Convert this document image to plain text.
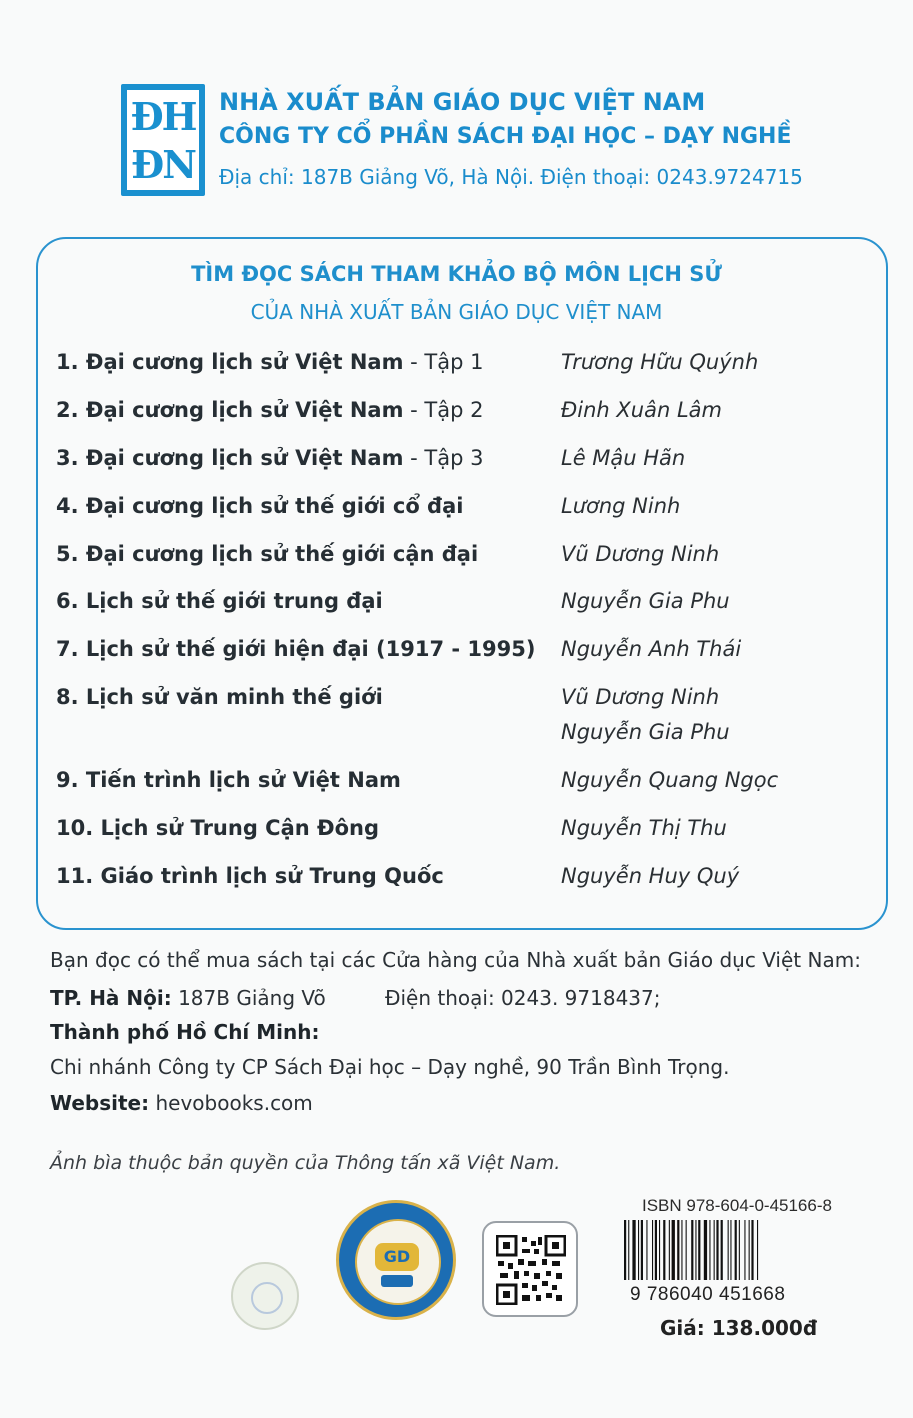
ĐH
ĐN
NHÀ XUẤT BẢN GIÁO DỤC VIỆT NAM
CÔNG TY CỔ PHẦN SÁCH ĐẠI HỌC – DẠY NGHỀ
Địa chỉ: 187B Giảng Võ, Hà Nội. Điện thoại: 0243.9724715
TÌM ĐỌC SÁCH THAM KHẢO BỘ MÔN LỊCH SỬ
CỦA NHÀ XUẤT BẢN GIÁO DỤC VIỆT NAM
1. Đại cương lịch sử Việt Nam - Tập 1	Trương Hữu Quýnh
2. Đại cương lịch sử Việt Nam - Tập 2	Đinh Xuân Lâm
3. Đại cương lịch sử Việt Nam - Tập 3	Lê Mậu Hãn
4. Đại cương lịch sử thế giới cổ đại	Lương Ninh
5. Đại cương lịch sử thế giới cận đại	Vũ Dương Ninh
6. Lịch sử thế giới trung đại	Nguyễn Gia Phu
7. Lịch sử thế giới hiện đại (1917 - 1995) Nguyễn Anh Thái
8. Lịch sử văn minh thế giới	Vũ Dương Ninh
Nguyễn Gia Phu
9. Tiến trình lịch sử Việt Nam	Nguyễn Quang Ngọc
10. Lịch sử Trung Cận Đông	Nguyễn Thị Thu
11. Giáo trình lịch sử Trung Quốc	Nguyễn Huy Quý
Bạn đọc có thể mua sách tại các Cửa hàng của Nhà xuất bản Giáo dục Việt Nam:
TP. Hà Nội: 187B Giảng Võ	Điện thoại: 0243. 9718437;
Thành phố Hồ Chí Minh:
Chi nhánh Công ty CP Sách Đại học – Dạy nghề, 90 Trần Bình Trọng.
Website: hevobooks.com
Ảnh bìa thuộc bản quyền của Thông tấn xã Việt Nam.
GD
ISBN 978-604-0-45166-8
9 786040 451668
Giá: 138.000đ
